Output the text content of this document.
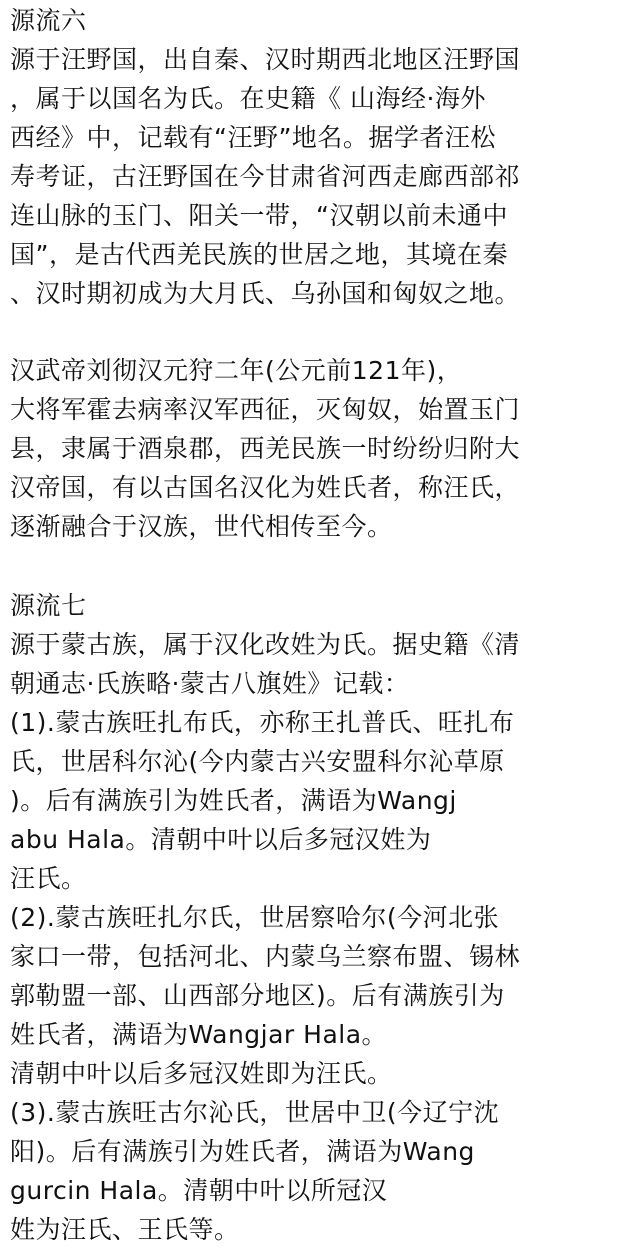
源流六
源于汪野国，出自秦、汉时期西北地区汪野国
，属于以国名为氏。在史籍《 山海经·海外
西经》中，记载有“汪野”地名。据学者汪松
寿考证，古汪野国在今甘肃省河西走廊西部祁
连山脉的玉门、阳关一带，“汉朝以前未通中
国”，是古代西羌民族的世居之地，其境在秦
、汉时期初成为大月氏、乌孙国和匈奴之地。
汉武帝刘彻汉元狩二年(公元前121年)，
大将军霍去病率汉军西征，灭匈奴，始置玉门
县，隶属于酒泉郡，西羌民族一时纷纷归附大
汉帝国，有以古国名汉化为姓氏者，称汪氏，
逐渐融合于汉族，世代相传至今。
源流七
源于蒙古族，属于汉化改姓为氏。据史籍《清
朝通志·氏族略·蒙古八旗姓》记载：
(1).蒙古族旺扎布氏，亦称王扎普氏、旺扎布
氏，世居科尔沁(今内蒙古兴安盟科尔沁草原
)。后有满族引为姓氏者，满语为Wangj
abu Hala。清朝中叶以后多冠汉姓为
汪氏。
(2).蒙古族旺扎尔氏，世居察哈尔(今河北张
家口一带，包括河北、内蒙乌兰察布盟、锡林
郭勒盟一部、山西部分地区)。后有满族引为
姓氏者，满语为Wangjar Hala。
清朝中叶以后多冠汉姓即为汪氏。
(3).蒙古族旺古尔沁氏，世居中卫(今辽宁沈
阳)。后有满族引为姓氏者，满语为Wang
gurcin Hala。清朝中叶以所冠汉
姓为汪氏、王氏等。
